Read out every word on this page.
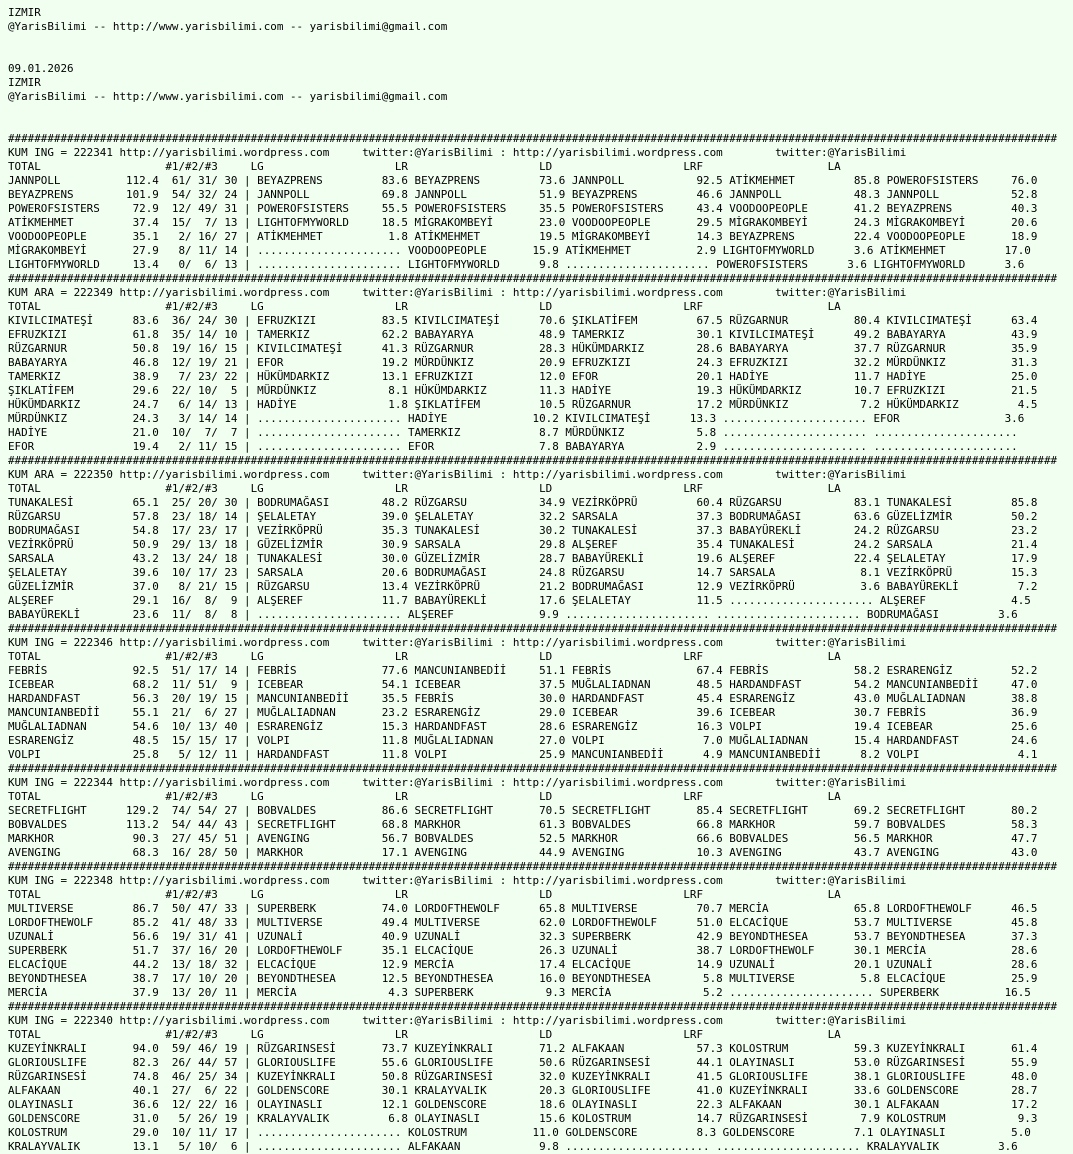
IZMIR
@YarisBilimi -- http://www.yarisbilimi.com -- yarisbilimi@gmail.com
09.01.2026
IZMIR
@YarisBilimi -- http://www.yarisbilimi.com -- yarisbilimi@gmail.com
################################################################################################################################################################
KUM ING = 222341 http://yarisbilimi.wordpress.com     twitter:@YarisBilimi : http://yarisbilimi.wordpress.com        twitter:@YarisBilimi
TOTAL                   #1/#2/#3     LG                    LR                    LD                    LRF                   LA
JANNPOLL          112.4  61/ 31/ 30 | BEYAZPRENS         83.6 BEYAZPRENS         73.6 JANNPOLL           92.5 ATİKMEHMET         85.8 POWEROFSISTERS     76.0
BEYAZPRENS        101.9  54/ 32/ 24 | JANNPOLL           69.8 JANNPOLL           51.9 BEYAZPRENS         46.6 JANNPOLL           48.3 JANNPOLL           52.8
POWEROFSISTERS     72.9  12/ 49/ 31 | POWEROFSISTERS     55.5 POWEROFSISTERS     35.5 POWEROFSISTERS     43.4 VOODOOPEOPLE       41.2 BEYAZPRENS         40.3
ATİKMEHMET         37.4  15/  7/ 13 | LIGHTOFMYWORLD     18.5 MİGRAKOMBEYİ       23.0 VOODOOPEOPLE       29.5 MİGRAKOMBEYİ       24.3 MİGRAKOMBEYİ       20.6
VOODOOPEOPLE       35.1   2/ 16/ 27 | ATİKMEHMET          1.8 ATİKMEHMET         19.5 MİGRAKOMBEYİ       14.3 BEYAZPRENS         22.4 VOODOOPEOPLE       18.9
MİGRAKOMBEYİ       27.9   8/ 11/ 14 | ...................... VOODOOPEOPLE       15.9 ATİKMEHMET          2.9 LIGHTOFMYWORLD      3.6 ATİKMEHMET         17.0
LIGHTOFMYWORLD     13.4   0/  6/ 13 | ...................... LIGHTOFMYWORLD      9.8 ...................... POWEROFSISTERS      3.6 LIGHTOFMYWORLD      3.6
################################################################################################################################################################
KUM ARA = 222349 http://yarisbilimi.wordpress.com     twitter:@YarisBilimi : http://yarisbilimi.wordpress.com        twitter:@YarisBilimi
TOTAL                   #1/#2/#3     LG                    LR                    LD                    LRF                   LA
KIVILCIMATEŞİ      83.6  36/ 24/ 30 | EFRUZKIZI          83.5 KIVILCIMATEŞİ      70.6 ŞIKLATİFEM         67.5 RÜZGARNUR          80.4 KIVILCIMATEŞİ      63.4
EFRUZKIZI          61.8  35/ 14/ 10 | TAMERKIZ           62.2 BABAYARYA          48.9 TAMERKIZ           30.1 KIVILCIMATEŞİ      49.2 BABAYARYA          43.9
RÜZGARNUR          50.8  19/ 16/ 15 | KIVILCIMATEŞİ      41.3 RÜZGARNUR          28.3 HÜKÜMDARKIZ        28.6 BABAYARYA          37.7 RÜZGARNUR          35.9
BABAYARYA          46.8  12/ 19/ 21 | EFOR               19.2 MÜRDÜNKIZ          20.9 EFRUZKIZI          24.3 EFRUZKIZI          32.2 MÜRDÜNKIZ          31.3
TAMERKIZ           38.9   7/ 23/ 22 | HÜKÜMDARKIZ        13.1 EFRUZKIZI          12.0 EFOR               20.1 HADİYE             11.7 HADİYE             25.0
ŞIKLATİFEM         29.6  22/ 10/  5 | MÜRDÜNKIZ           8.1 HÜKÜMDARKIZ        11.3 HADİYE             19.3 HÜKÜMDARKIZ        10.7 EFRUZKIZI          21.5
HÜKÜMDARKIZ        24.7   6/ 14/ 13 | HADİYE              1.8 ŞIKLATİFEM         10.5 RÜZGARNUR          17.2 MÜRDÜNKIZ           7.2 HÜKÜMDARKIZ         4.5
MÜRDÜNKIZ          24.3   3/ 14/ 14 | ...................... HADİYE             10.2 KIVILCIMATEŞİ      13.3 ...................... EFOR                3.6
HADİYE             21.0  10/  7/  7 | ...................... TAMERKIZ            8.7 MÜRDÜNKIZ           5.8 ...................... ......................
EFOR               19.4   2/ 11/ 15 | ...................... EFOR                7.8 BABAYARYA           2.9 ...................... ......................
################################################################################################################################################################
KUM ARA = 222350 http://yarisbilimi.wordpress.com     twitter:@YarisBilimi : http://yarisbilimi.wordpress.com        twitter:@YarisBilimi
TOTAL                   #1/#2/#3     LG                    LR                    LD                    LRF                   LA
TUNAKALESİ         65.1  25/ 20/ 30 | BODRUMAĞASI        48.2 RÜZGARSU           34.9 VEZİRKÖPRÜ         60.4 RÜZGARSU           83.1 TUNAKALESİ         85.8
RÜZGARSU           57.8  23/ 18/ 14 | ŞELALETAY          39.0 ŞELALETAY          32.2 SARSALA            37.3 BODRUMAĞASI        63.6 GÜZELİZMİR         50.2
BODRUMAĞASI        54.8  17/ 23/ 17 | VEZİRKÖPRÜ         35.3 TUNAKALESİ         30.2 TUNAKALESİ         37.3 BABAYÜREKLİ        24.2 RÜZGARSU           23.2
VEZİRKÖPRÜ         50.9  29/ 13/ 18 | GÜZELİZMİR         30.9 SARSALA            29.8 ALŞEREF            35.4 TUNAKALESİ         24.2 SARSALA            21.4
SARSALA            43.2  13/ 24/ 18 | TUNAKALESİ         30.0 GÜZELİZMİR         28.7 BABAYÜREKLİ        19.6 ALŞEREF            22.4 ŞELALETAY          17.9
ŞELALETAY          39.6  10/ 17/ 23 | SARSALA            20.6 BODRUMAĞASI        24.8 RÜZGARSU           14.7 SARSALA             8.1 VEZİRKÖPRÜ         15.3
GÜZELİZMİR         37.0   8/ 21/ 15 | RÜZGARSU           13.4 VEZİRKÖPRÜ         21.2 BODRUMAĞASI        12.9 VEZİRKÖPRÜ          3.6 BABAYÜREKLİ         7.2
ALŞEREF            29.1  16/  8/  9 | ALŞEREF            11.7 BABAYÜREKLİ        17.6 ŞELALETAY          11.5 ...................... ALŞEREF             4.5
BABAYÜREKLİ        23.6  11/  8/  8 | ...................... ALŞEREF             9.9 ...................... ...................... BODRUMAĞASI         3.6
################################################################################################################################################################
KUM ING = 222346 http://yarisbilimi.wordpress.com     twitter:@YarisBilimi : http://yarisbilimi.wordpress.com        twitter:@YarisBilimi
TOTAL                   #1/#2/#3     LG                    LR                    LD                    LRF                   LA
FEBRİS             92.5  51/ 17/ 14 | FEBRİS             77.6 MANCUNIANBEDİİ     51.1 FEBRİS             67.4 FEBRİS             58.2 ESRARENGİZ         52.2
ICEBEAR            68.2  11/ 51/  9 | ICEBEAR            54.1 ICEBEAR            37.5 MUĞLALIADNAN       48.5 HARDANDFAST        54.2 MANCUNIANBEDİİ     47.0
HARDANDFAST        56.3  20/ 19/ 15 | MANCUNIANBEDİİ     35.5 FEBRİS             30.0 HARDANDFAST        45.4 ESRARENGİZ         43.0 MUĞLALIADNAN       38.8
MANCUNIANBEDİİ     55.1  21/  6/ 27 | MUĞLALIADNAN       23.2 ESRARENGİZ         29.0 ICEBEAR            39.6 ICEBEAR            30.7 FEBRİS             36.9
MUĞLALIADNAN       54.6  10/ 13/ 40 | ESRARENGİZ         15.3 HARDANDFAST        28.6 ESRARENGİZ         16.3 VOLPI              19.4 ICEBEAR            25.6
ESRARENGİZ         48.5  15/ 15/ 17 | VOLPI              11.8 MUĞLALIADNAN       27.0 VOLPI               7.0 MUĞLALIADNAN       15.4 HARDANDFAST        24.6
VOLPI              25.8   5/ 12/ 11 | HARDANDFAST        11.8 VOLPI              25.9 MANCUNIANBEDİİ      4.9 MANCUNIANBEDİİ      8.2 VOLPI               4.1
################################################################################################################################################################
KUM ING = 222344 http://yarisbilimi.wordpress.com     twitter:@YarisBilimi : http://yarisbilimi.wordpress.com        twitter:@YarisBilimi
TOTAL                   #1/#2/#3     LG                    LR                    LD                    LRF                   LA
SECRETFLIGHT      129.2  74/ 54/ 27 | BOBVALDES          86.6 SECRETFLIGHT       70.5 SECRETFLIGHT       85.4 SECRETFLIGHT       69.2 SECRETFLIGHT       80.2
BOBVALDES         113.2  54/ 44/ 43 | SECRETFLIGHT       68.8 MARKHOR            61.3 BOBVALDES          66.8 MARKHOR            59.7 BOBVALDES          58.3
MARKHOR            90.3  27/ 45/ 51 | AVENGING           56.7 BOBVALDES          52.5 MARKHOR            66.6 BOBVALDES          56.5 MARKHOR            47.7
AVENGING           68.3  16/ 28/ 50 | MARKHOR            17.1 AVENGING           44.9 AVENGING           10.3 AVENGING           43.7 AVENGING           43.0
################################################################################################################################################################
KUM ING = 222348 http://yarisbilimi.wordpress.com     twitter:@YarisBilimi : http://yarisbilimi.wordpress.com        twitter:@YarisBilimi
TOTAL                   #1/#2/#3     LG                    LR                    LD                    LRF                   LA
MULTIVERSE         86.7  50/ 47/ 33 | SUPERBERK          74.0 LORDOFTHEWOLF      65.8 MULTIVERSE         70.7 MERCİA             65.8 LORDOFTHEWOLF      46.5
LORDOFTHEWOLF      85.2  41/ 48/ 33 | MULTIVERSE         49.4 MULTIVERSE         62.0 LORDOFTHEWOLF      51.0 ELCACİQUE          53.7 MULTIVERSE         45.8
UZUNALİ            56.6  19/ 31/ 41 | UZUNALİ            40.9 UZUNALİ            32.3 SUPERBERK          42.9 BEYONDTHESEA       53.7 BEYONDTHESEA       37.3
SUPERBERK          51.7  37/ 16/ 20 | LORDOFTHEWOLF      35.1 ELCACİQUE          26.3 UZUNALİ            38.7 LORDOFTHEWOLF      30.1 MERCİA             28.6
ELCACİQUE          44.2  13/ 18/ 32 | ELCACİQUE          12.9 MERCİA             17.4 ELCACİQUE          14.9 UZUNALİ            20.1 UZUNALİ            28.6
BEYONDTHESEA       38.7  17/ 10/ 20 | BEYONDTHESEA       12.5 BEYONDTHESEA       16.0 BEYONDTHESEA        5.8 MULTIVERSE          5.8 ELCACİQUE          25.9
MERCİA             37.9  13/ 20/ 11 | MERCİA              4.3 SUPERBERK           9.3 MERCİA              5.2 ...................... SUPERBERK          16.5
################################################################################################################################################################
KUM ING = 222340 http://yarisbilimi.wordpress.com     twitter:@YarisBilimi : http://yarisbilimi.wordpress.com        twitter:@YarisBilimi
TOTAL                   #1/#2/#3     LG                    LR                    LD                    LRF                   LA
KUZEYİNKRALI       94.0  59/ 46/ 19 | RÜZGARINSESİ       73.7 KUZEYİNKRALI       71.2 ALFAKAAN           57.3 KOLOSTRUM          59.3 KUZEYİNKRALI       61.4
GLORIOUSLIFE       82.3  26/ 44/ 57 | GLORIOUSLIFE       55.6 GLORIOUSLIFE       50.6 RÜZGARINSESİ       44.1 OLAYINASLI         53.0 RÜZGARINSESİ       55.9
RÜZGARINSESİ       74.8  46/ 25/ 34 | KUZEYİNKRALI       50.8 RÜZGARINSESİ       32.0 KUZEYİNKRALI       41.5 GLORIOUSLIFE       38.1 GLORIOUSLIFE       48.0
ALFAKAAN           40.1  27/  6/ 22 | GOLDENSCORE        30.1 KRALAYVALIK        20.3 GLORIOUSLIFE       41.0 KUZEYİNKRALI       33.6 GOLDENSCORE        28.7
OLAYINASLI         36.6  12/ 22/ 16 | OLAYINASLI         12.1 GOLDENSCORE        18.6 OLAYINASLI         22.3 ALFAKAAN           30.1 ALFAKAAN           17.2
GOLDENSCORE        31.0   5/ 26/ 19 | KRALAYVALIK         6.8 OLAYINASLI         15.6 KOLOSTRUM          14.7 RÜZGARINSESİ        7.9 KOLOSTRUM           9.3
KOLOSTRUM          29.0  10/ 11/ 17 | ...................... KOLOSTRUM          11.0 GOLDENSCORE         8.3 GOLDENSCORE         7.1 OLAYINASLI          5.0
KRALAYVALIK        13.1   5/ 10/  6 | ...................... ALFAKAAN            9.8 ...................... ...................... KRALAYVALIK         3.6
